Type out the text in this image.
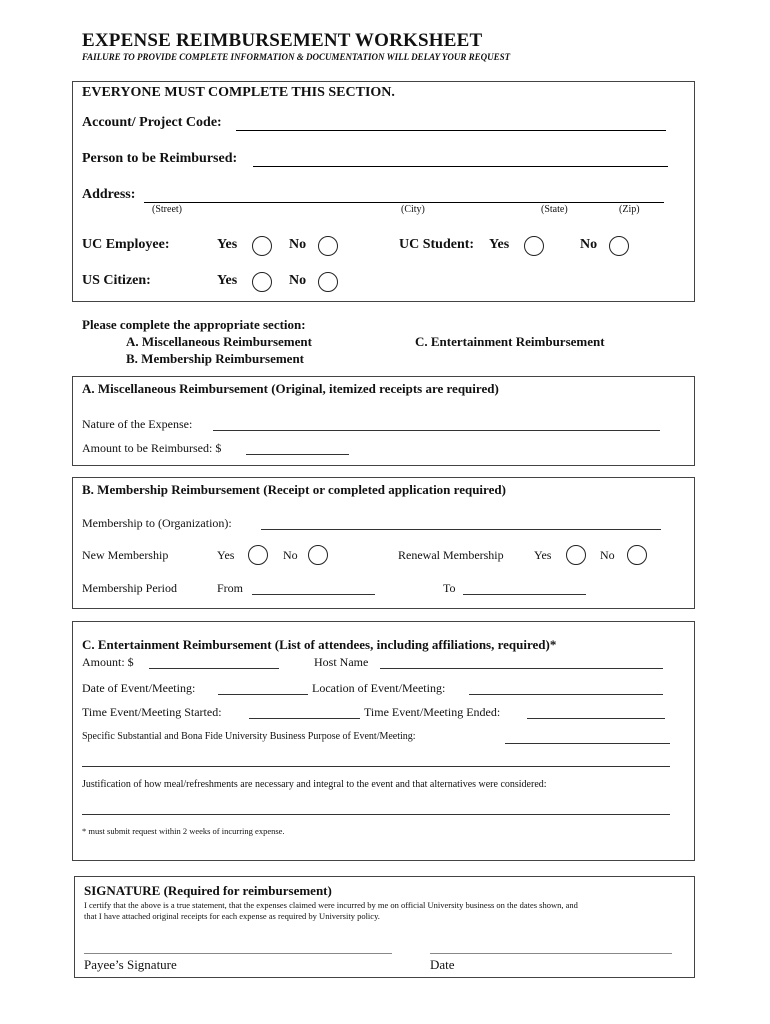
EXPENSE REIMBURSEMENT WORKSHEET
FAILURE TO PROVIDE COMPLETE INFORMATION & DOCUMENTATION WILL DELAY YOUR REQUEST
EVERYONE MUST COMPLETE THIS SECTION.
Account/ Project Code:
Person to be Reimbursed:
Address:
(Street)	(City)	(State)	(Zip)
UC Employee:	Yes	No	UC Student: Yes	No
US Citizen:	Yes	No
Please complete the appropriate section:
A. Miscellaneous Reimbursement
B. Membership Reimbursement
C. Entertainment Reimbursement
A. Miscellaneous Reimbursement (Original, itemized receipts are required)
Nature of the Expense:
Amount to be Reimbursed: $
B. Membership Reimbursement (Receipt or completed application required)
Membership to (Organization):
New Membership	Yes	No	Renewal Membership	Yes	No
Membership Period	From	To
C. Entertainment Reimbursement (List of attendees, including affiliations, required)*
Amount: $	Host Name
Date of Event/Meeting:	Location of Event/Meeting:
Time Event/Meeting Started:	Time Event/Meeting Ended:
Specific Substantial and Bona Fide University Business Purpose of Event/Meeting:
Justification of how meal/refreshments are necessary and integral to the event and that alternatives were considered:
* must submit request within 2 weeks of incurring expense.
SIGNATURE (Required for reimbursement)
I certify that the above is a true statement, that the expenses claimed were incurred by me on official University business on the dates shown, and
that I have attached original receipts for each expense as required by University policy.
Payee’s Signature	Date
